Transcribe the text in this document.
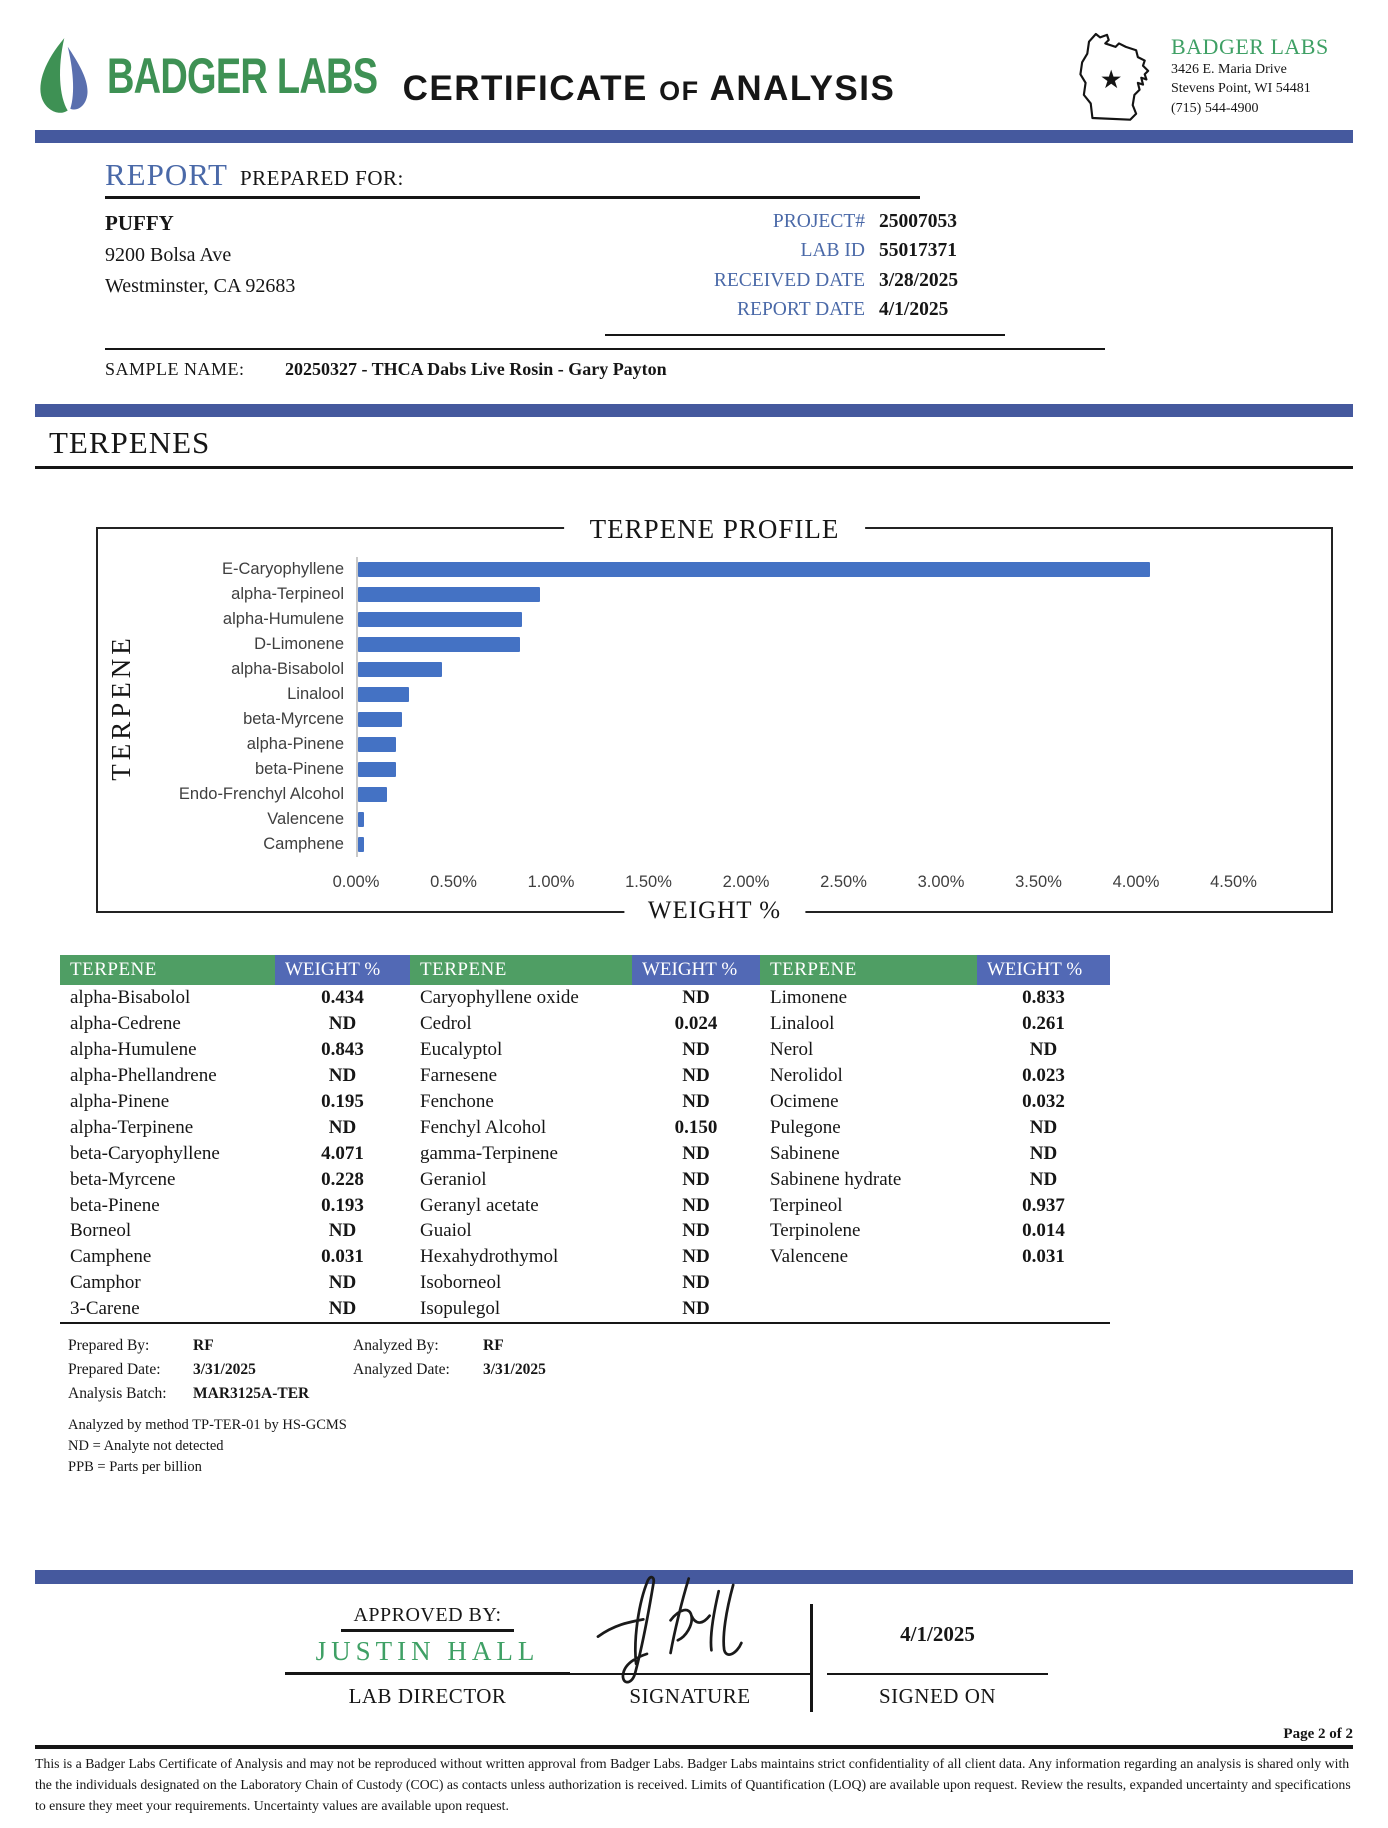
BADGER LABS CERTIFICATE OF ANALYSIS	★
BADGER LABS
3426 E. Maria Drive
Stevens Point, WI 54481
(715) 544-4900
REPORT PREPARED FOR:
PUFFY
9200 Bolsa Ave
Westminster, CA 92683
PROJECT# 25007053
LAB ID 55017371
RECEIVED DATE 3/28/2025
REPORT DATE 4/1/2025
SAMPLE NAME:	20250327 - THCA Dabs Live Rosin - Gary Payton
TERPENES
TERPENE PROFILE
TERPENE
E-Caryophyllene
alpha-Terpineol
alpha-Humulene
D-Limonene
alpha-Bisabolol
Linalool
beta-Myrcene
alpha-Pinene
beta-Pinene
Endo-Frenchyl Alcohol
Valencene
Camphene
0.00%	0.50%	1.00%	1.50%	2.00%	2.50%	3.00%	3.50%	4.00%	4.50%
WEIGHT %
TERPENE	WEIGHT %	TERPENE	WEIGHT %	TERPENE	WEIGHT %
alpha-Bisabolol	0.434	Caryophyllene oxide	ND	Limonene	0.833
alpha-Cedrene	ND	Cedrol	0.024	Linalool	0.261
alpha-Humulene	0.843	Eucalyptol	ND	Nerol	ND
alpha-Phellandrene	ND	Farnesene	ND	Nerolidol	0.023
alpha-Pinene	0.195	Fenchone	ND	Ocimene	0.032
alpha-Terpinene	ND	Fenchyl Alcohol	0.150	Pulegone	ND
beta-Caryophyllene	4.071	gamma-Terpinene	ND	Sabinene	ND
beta-Myrcene	0.228	Geraniol	ND	Sabinene hydrate	ND
beta-Pinene	0.193	Geranyl acetate	ND	Terpineol	0.937
Borneol	ND	Guaiol	ND	Terpinolene	0.014
Camphene	0.031	Hexahydrothymol	ND	Valencene	0.031
Camphor	ND	Isoborneol	ND		
3-Carene	ND	Isopulegol	ND		
Prepared By:	RF	Analyzed By:	RF
Prepared Date:	3/31/2025	Analyzed Date:	3/31/2025
Analysis Batch:	MAR3125A-TER
Analyzed by method TP-TER-01 by HS-GCMS
ND = Analyte not detected
PPB = Parts per billion
APPROVED BY:
JUSTIN HALL
LAB DIRECTOR	SIGNATURE
4/1/2025
SIGNED ON
Page 2 of 2
This is a Badger Labs Certificate of Analysis and may not be reproduced without written approval from Badger Labs. Badger Labs maintains strict confidentiality of all client data. Any information regarding an analysis is shared only with the the individuals designated on the Laboratory Chain of Custody (COC) as contacts unless authorization is received. Limits of Quantification (LOQ) are available upon request. Review the results, expanded uncertainty and specifications to ensure they meet your requirements. Uncertainty values are available upon request.
